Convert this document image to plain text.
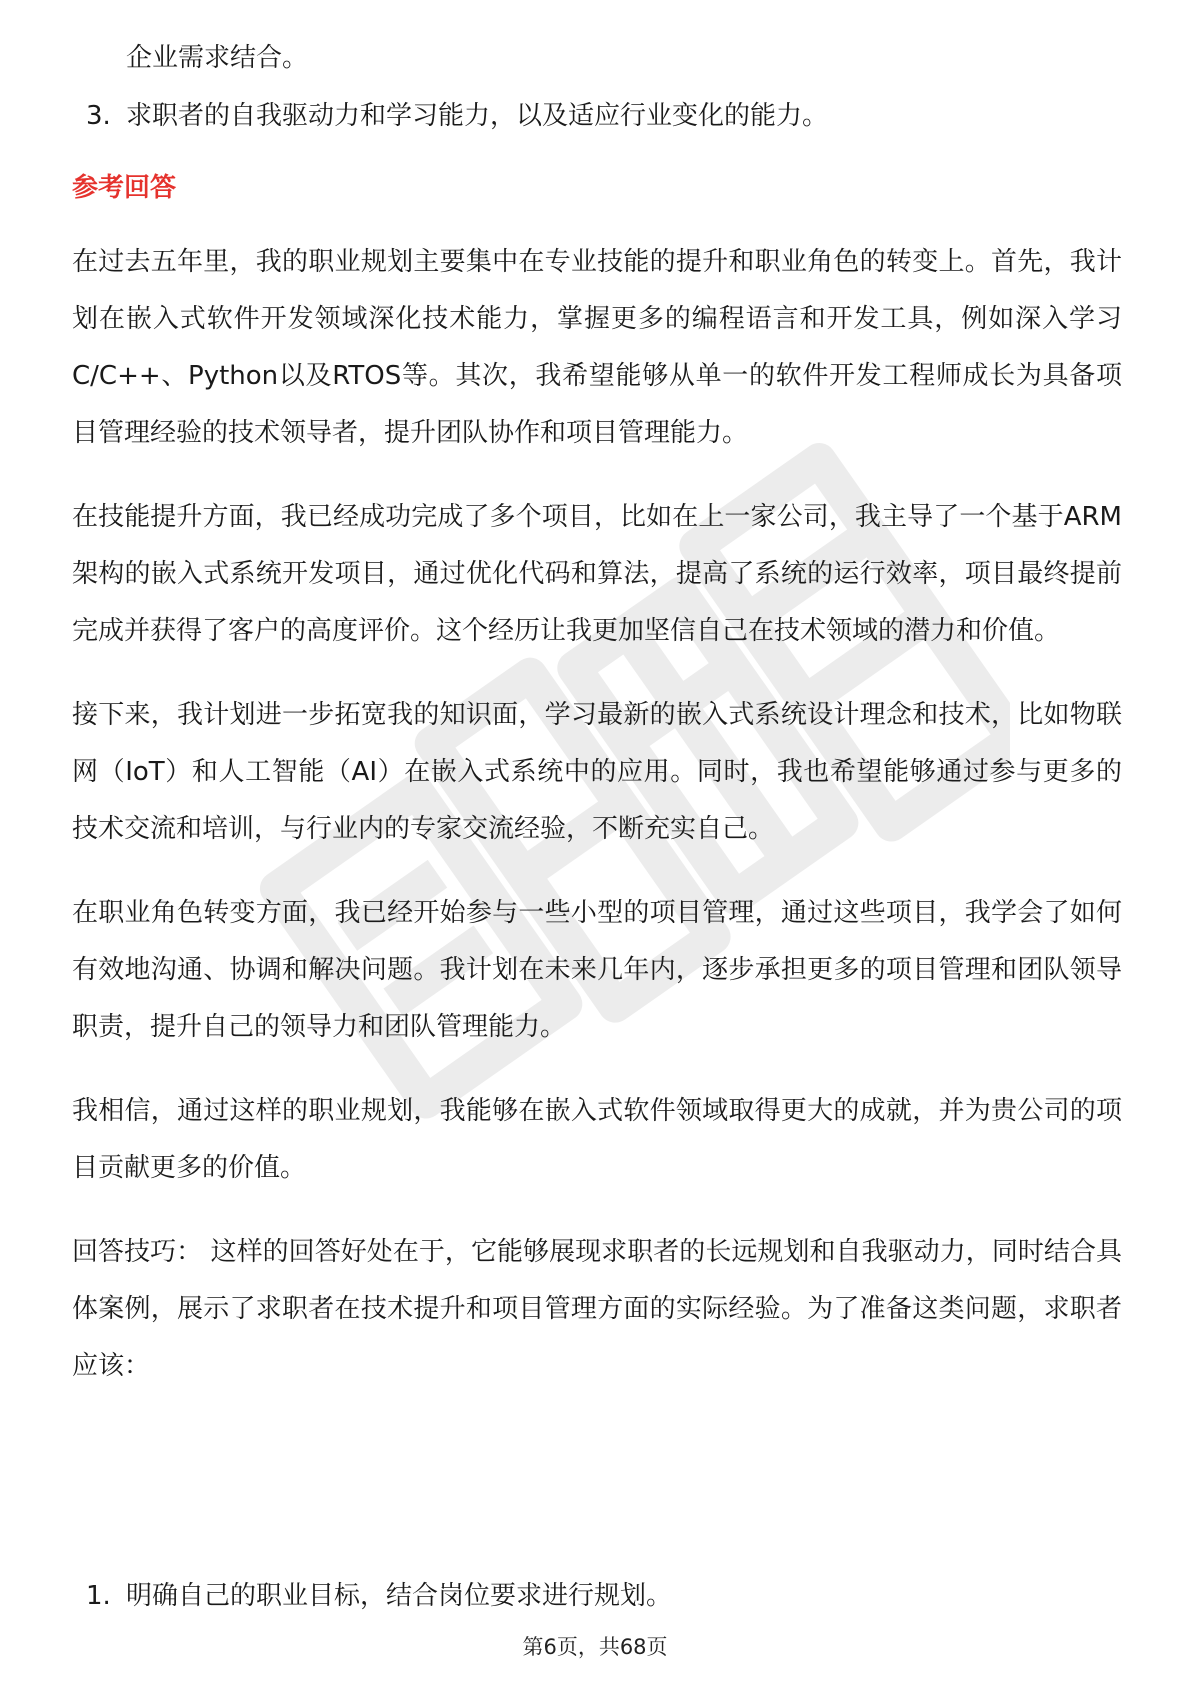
企业需求结合。

3. 求职者的自我驱动力和学习能力，以及适应行业变化的能力。
参考回答

在过去五年里，我的职业规划主要集中在专业技能的提升和职业角色的转变上。首先，我计划在嵌入式软件开发领域深化技术能力，掌握更多的编程语言和开发工具，例如深入学习C/C++、Python以及RTOS等。其次，我希望能够从单一的软件开发工程师成长为具备项目管理经验的技术领导者，提升团队协作和项目管理能力。

在技能提升方面，我已经成功完成了多个项目，比如在上一家公司，我主导了一个基于ARM架构的嵌入式系统开发项目，通过优化代码和算法，提高了系统的运行效率，项目最终提前完成并获得了客户的高度评价。这个经历让我更加坚信自己在技术领域的潜力和价值。

接下来，我计划进一步拓宽我的知识面，学习最新的嵌入式系统设计理念和技术，比如物联网（IoT）和人工智能（AI）在嵌入式系统中的应用。同时，我也希望能够通过参与更多的技术交流和培训，与行业内的专家交流经验，不断充实自己。

在职业角色转变方面，我已经开始参与一些小型的项目管理，通过这些项目，我学会了如何有效地沟通、协调和解决问题。我计划在未来几年内，逐步承担更多的项目管理和团队领导职责，提升自己的领导力和团队管理能力。

我相信，通过这样的职业规划，我能够在嵌入式软件领域取得更大的成就，并为贵公司的项目贡献更多的价值。

回答技巧： 这样的回答好处在于，它能够展现求职者的长远规划和自我驱动力，同时结合具体案例，展示了求职者在技术提升和项目管理方面的实际经验。为了准备这类问题，求职者应该：

1. 明确自己的职业目标，结合岗位要求进行规划。
第6页，共68页
